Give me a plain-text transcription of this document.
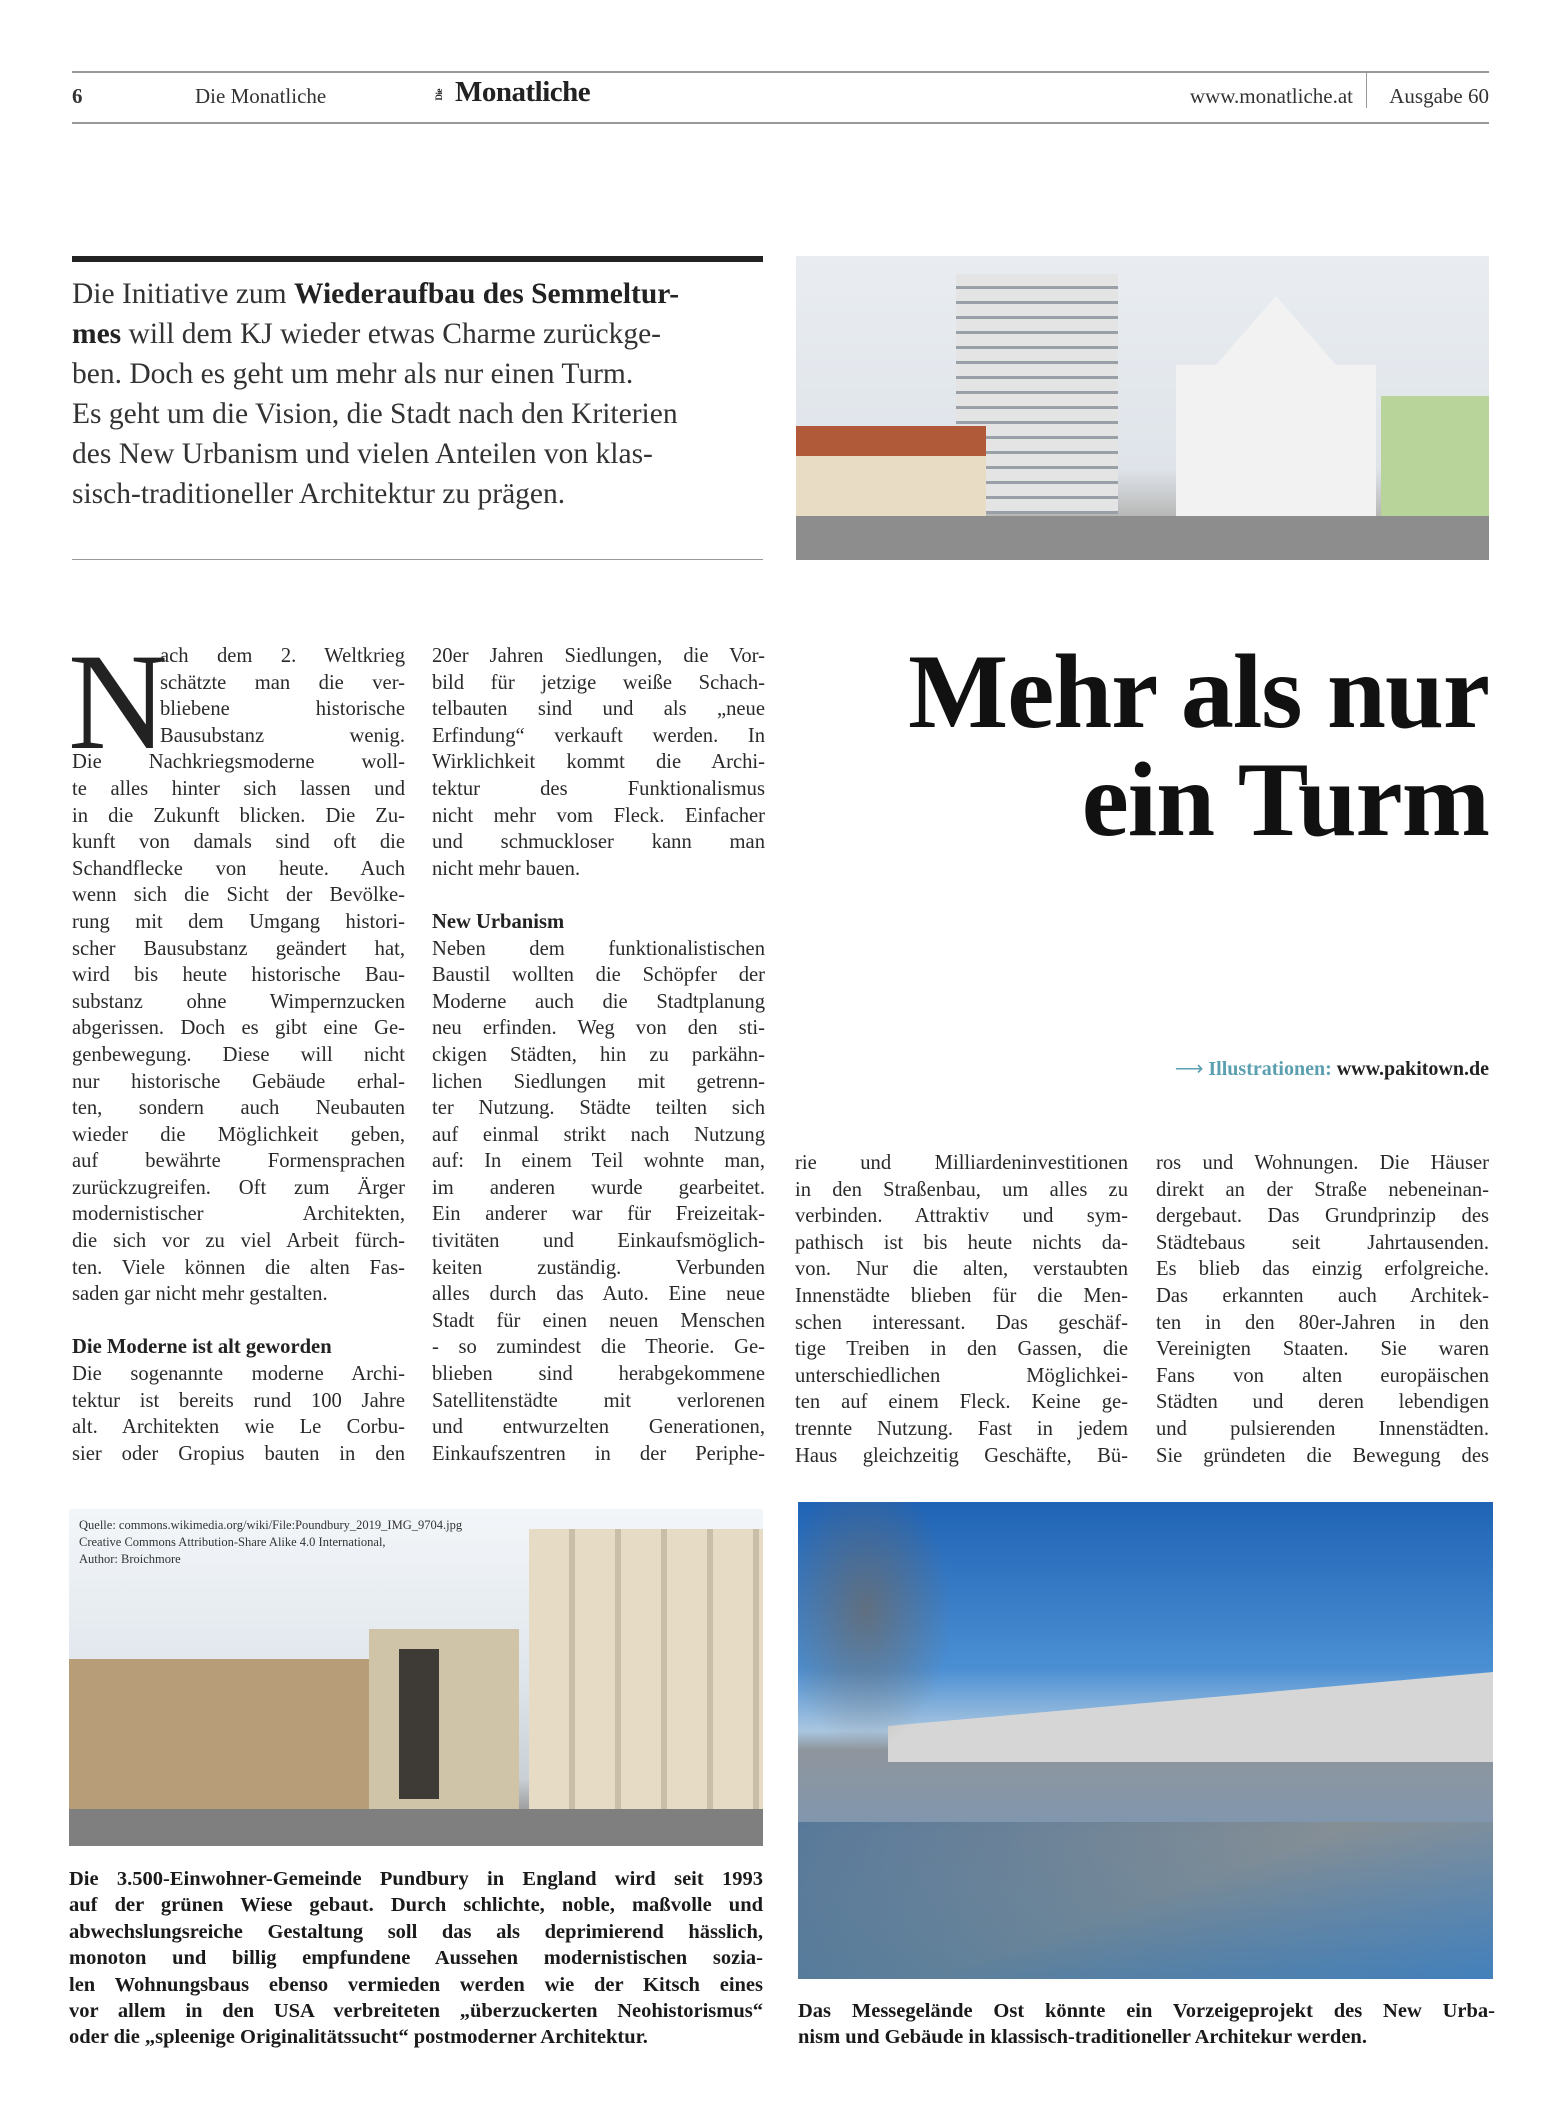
6	Die Monatliche	Die Monatliche	www.monatliche.at Ausgabe 60
Die Initiative zum Wiederaufbau des Semmeltur-
mes will dem KJ wieder etwas Charme zurückge-
ben. Doch es geht um mehr als nur einen Turm.
Es geht um die Vision, die Stadt nach den Kriterien
des New Urbanism und vielen Anteilen von klas-
sisch-traditioneller Architektur zu prägen.
N
ach dem 2. Weltkrieg
schätzte man die ver-
bliebene historische
Bausubstanz wenig.
Die Nachkriegsmoderne woll-
te alles hinter sich lassen und
in die Zukunft blicken. Die Zu-
kunft von damals sind oft die
Schandflecke von heute. Auch
wenn sich die Sicht der Bevölke-
rung mit dem Umgang histori-
scher Bausubstanz geändert hat,
wird bis heute historische Bau-
substanz ohne Wimpernzucken
abgerissen. Doch es gibt eine Ge-
genbewegung. Diese will nicht
nur historische Gebäude erhal-
ten, sondern auch Neubauten
wieder die Möglichkeit geben,
auf bewährte Formensprachen
zurückzugreifen. Oft zum Ärger
modernistischer Architekten,
die sich vor zu viel Arbeit fürch-
ten. Viele können die alten Fas-
saden gar nicht mehr gestalten.
Die Moderne ist alt geworden
Die sogenannte moderne Archi-
tektur ist bereits rund 100 Jahre
alt. Architekten wie Le Corbu-
sier oder Gropius bauten in den
20er Jahren Siedlungen, die Vor-
bild für jetzige weiße Schach-
telbauten sind und als „neue
Erfindung“ verkauft werden. In
Wirklichkeit kommt die Archi-
tektur des Funktionalismus
nicht mehr vom Fleck. Einfacher
und schmuckloser kann man
nicht mehr bauen.
New Urbanism
Neben dem funktionalistischen
Baustil wollten die Schöpfer der
Moderne auch die Stadtplanung
neu erfinden. Weg von den sti-
ckigen Städten, hin zu parkähn-
lichen Siedlungen mit getrenn-
ter Nutzung. Städte teilten sich
auf einmal strikt nach Nutzung
auf: In einem Teil wohnte man,
im anderen wurde gearbeitet.
Ein anderer war für Freizeitak-
tivitäten und Einkaufsmöglich-
keiten zuständig. Verbunden
alles durch das Auto. Eine neue
Stadt für einen neuen Menschen
- so zumindest die Theorie. Ge-
blieben sind herabgekommene
Satellitenstädte mit verlorenen
und entwurzelten Generationen,
Einkaufszentren in der Periphe-
rie und Milliardeninvestitionen
in den Straßenbau, um alles zu
verbinden. Attraktiv und sym-
pathisch ist bis heute nichts da-
von. Nur die alten, verstaubten
Innenstädte blieben für die Men-
schen interessant. Das geschäf-
tige Treiben in den Gassen, die
unterschiedlichen Möglichkei-
ten auf einem Fleck. Keine ge-
trennte Nutzung. Fast in jedem
Haus gleichzeitig Geschäfte, Bü-
ros und Wohnungen. Die Häuser
direkt an der Straße nebeneinan-
dergebaut. Das Grundprinzip des
Städtebaus seit Jahrtausenden.
Es blieb das einzig erfolgreiche.
Das erkannten auch Architek-
ten in den 80er-Jahren in den
Vereinigten Staaten. Sie waren
Fans von alten europäischen
Städten und deren lebendigen
und pulsierenden Innenstädten.
Sie gründeten die Bewegung des
Mehr als nur
ein Turm
⟶ Illustrationen: www.pakitown.de
Quelle: commons.wikimedia.org/wiki/File:Poundbury_2019_IMG_9704.jpg
Creative Commons Attribution-Share Alike 4.0 International,
Author: Broichmore
Die 3.500-Einwohner-Gemeinde Pundbury in England wird seit 1993
auf der grünen Wiese gebaut. Durch schlichte, noble, maßvolle und
abwechslungsreiche Gestaltung soll das als deprimierend hässlich,
monoton und billig empfundene Aussehen modernistischen sozia-
len Wohnungsbaus ebenso vermieden werden wie der Kitsch eines
vor allem in den USA verbreiteten „überzuckerten Neohistorismus“
oder die „spleenige Originalitätssucht“ postmoderner Architektur.
Das Messegelände Ost könnte ein Vorzeigeprojekt des New Urba-
nism und Gebäude in klassisch-traditioneller Architekur werden.
